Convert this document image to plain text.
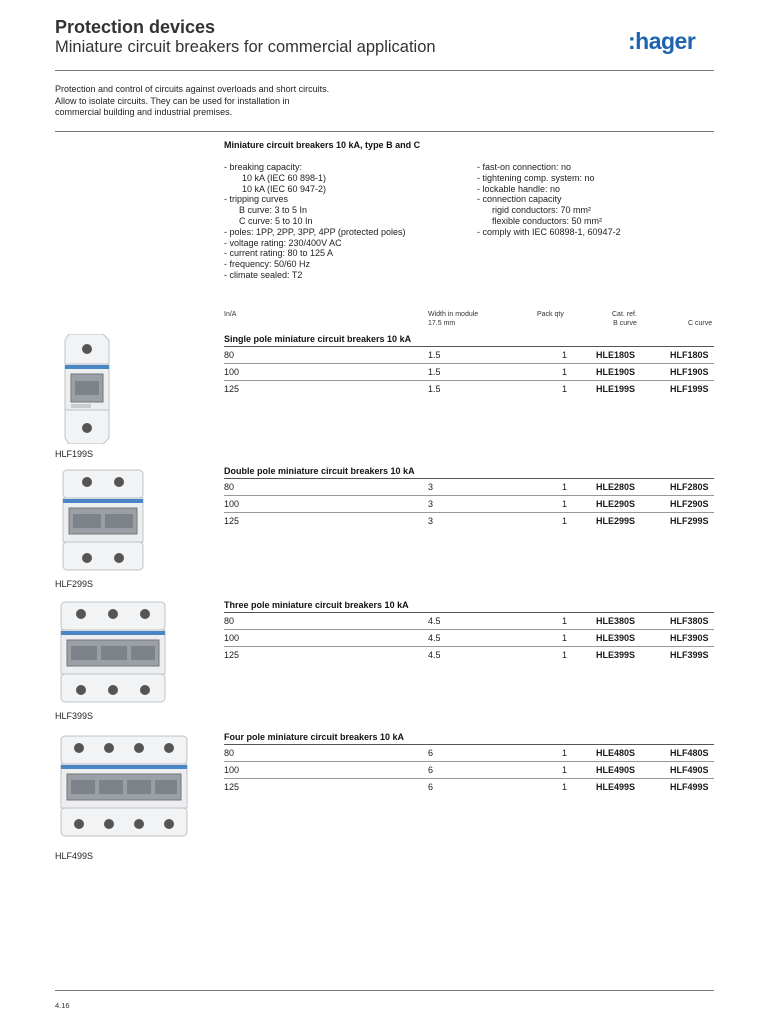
Protection devices
Miniature circuit breakers for commercial application	:hager
Protection and control of circuits against overloads and short circuits.
Allow to isolate circuits. They can be used for installation in
commercial building and industrial premises.
Miniature circuit breakers 10 kA, type B and C
- breaking capacity:
10 kA (IEC 60 898-1)
10 kA (IEC 60 947-2)
- tripping curves
B curve: 3 to 5 In
C curve: 5 to 10 In
- poles: 1PP, 2PP, 3PP, 4PP (protected poles)
- voltage rating: 230/400V AC
- current rating: 80 to 125 A
- frequency: 50/60 Hz
- climate sealed: T2
- fast-on connection: no
- tightening comp. system: no
- lockable handle: no
- connection capacity
rigid conductors: 70 mm²
flexible conductors: 50 mm²
- comply with IEC 60898-1, 60947-2
In/A	Width in module
17.5 mm
Pack qty	Cat. ref.
B curve	C curve
Single pole miniature circuit breakers 10 kA
80	1.5	1	HLE180S	HLF180S
100	1.5	1	HLE190S	HLF190S
125	1.5	1	HLE199S	HLF199S
Double pole miniature circuit breakers 10 kA
80	3	1	HLE280S	HLF280S
100	3	1	HLE290S	HLF290S
125	3	1	HLE299S	HLF299S
Three pole miniature circuit breakers 10 kA
80	4.5	1	HLE380S	HLF380S
100	4.5	1	HLE390S	HLF390S
125	4.5	1	HLE399S	HLF399S
Four pole miniature circuit breakers 10 kA
80	6	1	HLE480S	HLF480S
100	6	1	HLE490S	HLF490S
125	6	1	HLE499S	HLF499S
HLF199S
HLF299S
HLF399S
HLF499S
4.16
